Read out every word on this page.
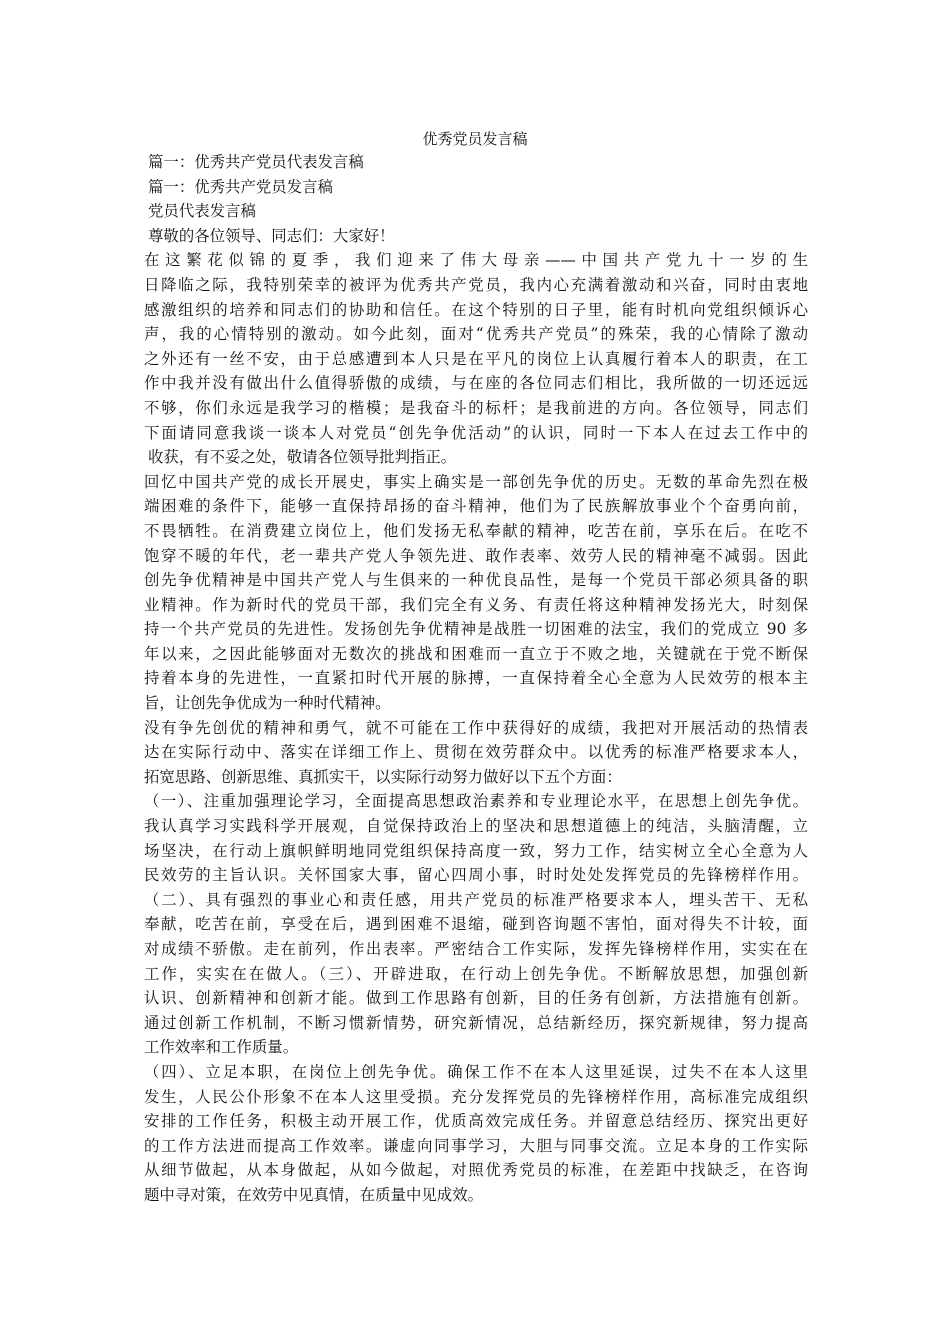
优秀党员发言稿
篇一：优秀共产党员代表发言稿
篇一：优秀共产党员发言稿
党员代表发言稿
尊敬的各位领导、同志们：大家好！
在这繁花似锦的夏季，我们迎来了伟大母亲——中国共产党九十一岁的生
日降临之际，我特别荣幸的被评为优秀共产党员，我内心充满着激动和兴奋，同时由衷地
感激组织的培养和同志们的协助和信任。在这个特别的日子里，能有时机向党组织倾诉心
声，我的心情特别的激动。如今此刻，面对“优秀共产党员”的殊荣，我的心情除了激动
之外还有一丝不安，由于总感遭到本人只是在平凡的岗位上认真履行着本人的职责，在工
作中我并没有做出什么值得骄傲的成绩，与在座的各位同志们相比，我所做的一切还远远
不够，你们永远是我学习的楷模；是我奋斗的标杆；是我前进的方向。各位领导，同志们
下面请同意我谈一谈本人对党员“创先争优活动”的认识，同时一下本人在过去工作中的
收获，有不妥之处，敬请各位领导批判指正。
回忆中国共产党的成长开展史，事实上确实是一部创先争优的历史。无数的革命先烈在极
端困难的条件下，能够一直保持昂扬的奋斗精神，他们为了民族解放事业个个奋勇向前，
不畏牺牲。在消费建立岗位上，他们发扬无私奉献的精神，吃苦在前，享乐在后。在吃不
饱穿不暖的年代，老一辈共产党人争领先进、敢作表率、效劳人民的精神毫不减弱。因此
创先争优精神是中国共产党人与生俱来的一种优良品性，是每一个党员干部必须具备的职
业精神。作为新时代的党员干部，我们完全有义务、有责任将这种精神发扬光大，时刻保
持一个共产党员的先进性。发扬创先争优精神是战胜一切困难的法宝，我们的党成立 90 多
年以来，之因此能够面对无数次的挑战和困难而一直立于不败之地，关键就在于党不断保
持着本身的先进性，一直紧扣时代开展的脉搏，一直保持着全心全意为人民效劳的根本主
旨，让创先争优成为一种时代精神。
没有争先创优的精神和勇气，就不可能在工作中获得好的成绩，我把对开展活动的热情表
达在实际行动中、落实在详细工作上、贯彻在效劳群众中。以优秀的标准严格要求本人，
拓宽思路、创新思维、真抓实干，以实际行动努力做好以下五个方面：
（一）、注重加强理论学习，全面提高思想政治素养和专业理论水平，在思想上创先争优。
我认真学习实践科学开展观，自觉保持政治上的坚决和思想道德上的纯洁，头脑清醒，立
场坚决，在行动上旗帜鲜明地同党组织保持高度一致，努力工作，结实树立全心全意为人
民效劳的主旨认识。关怀国家大事，留心四周小事，时时处处发挥党员的先锋榜样作用。
（二）、具有强烈的事业心和责任感，用共产党员的标准严格要求本人，埋头苦干、无私
奉献，吃苦在前，享受在后，遇到困难不退缩，碰到咨询题不害怕，面对得失不计较，面
对成绩不骄傲。走在前列，作出表率。严密结合工作实际，发挥先锋榜样作用，实实在在
工作，实实在在做人。（三）、开辟进取，在行动上创先争优。不断解放思想，加强创新
认识、创新精神和创新才能。做到工作思路有创新，目的任务有创新，方法措施有创新。
通过创新工作机制，不断习惯新情势，研究新情况，总结新经历，探究新规律，努力提高
工作效率和工作质量。
（四）、立足本职，在岗位上创先争优。确保工作不在本人这里延误，过失不在本人这里
发生，人民公仆形象不在本人这里受损。充分发挥党员的先锋榜样作用，高标准完成组织
安排的工作任务，积极主动开展工作，优质高效完成任务。并留意总结经历、探究出更好
的工作方法进而提高工作效率。谦虚向同事学习，大胆与同事交流。立足本身的工作实际
从细节做起，从本身做起，从如今做起，对照优秀党员的标准，在差距中找缺乏，在咨询
题中寻对策，在效劳中见真情，在质量中见成效。
